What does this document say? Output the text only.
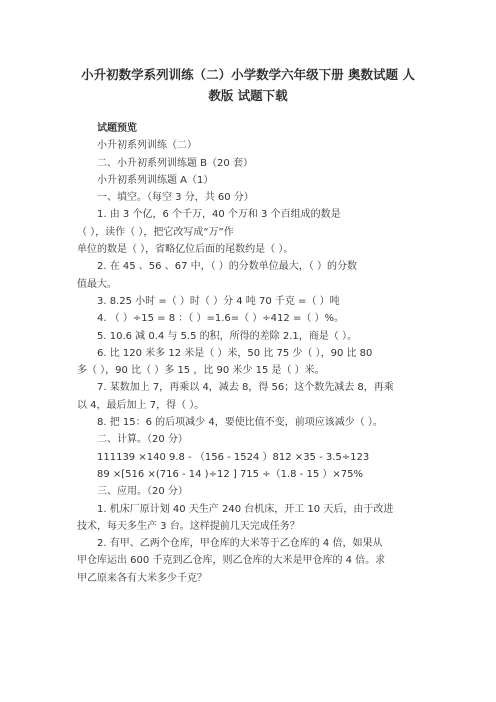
小升初数学系列训练（二）小学数学六年级下册 奥数试题 人
教版 试题下载
试题预览
小升初系列训练（二）
二、小升初系列训练题 B（20 套）
小升初系列训练题 A（1）
一、填空。（每空 3 分，共 60 分）
1. 由 3 个亿，6 个千万，40 个万和 3 个百组成的数是
（ ），读作（ ），把它改写成“万”作
单位的数是（ ），省略亿位后面的尾数约是（ ）。
2. 在 45 、56 、67 中，（ ）的分数单位最大，（ ）的分数
值最大。
3. 8.25 小时 =（ ）时（ ）分 4 吨 70 千克 =（ ）吨
4. （ ）÷15 = 8 ：（ ）=1.6=（ ）÷412 =（ ）%。
5. 10.6 减 0.4 与 5.5 的积，所得的差除 2.1，商是（ ）。
6. 比 120 米多 12 米是（ ）米，50 比 75 少（ ），90 比 80
多（ ），90 比（ ）多 15 ，比 90 米少 15 是（ ）米。
7. 某数加上 7，再乘以 4，减去 8，得 56；这个数先减去 8，再乘
以 4，最后加上 7，得（ ）。
8. 把 15：6 的后项减少 4，要使比值不变，前项应该减少（ ）。
二、计算。（20 分）
111139 ×140 9.8 - （156 - 1524 ）812 ×35 - 3.5÷123
89 ×[516 ×(716 - 14 )÷12 ] 715 ÷（1.8 - 15 ）×75%
三、应用。（20 分）
1. 机床厂原计划 40 天生产 240 台机床，开工 10 天后，由于改进
技术，每天多生产 3 台。这样提前几天完成任务？
2. 有甲、乙两个仓库，甲仓库的大米等于乙仓库的 4 倍，如果从
甲仓库运出 600 千克到乙仓库，则乙仓库的大米是甲仓库的 4 倍。求
甲乙原来各有大米多少千克？
